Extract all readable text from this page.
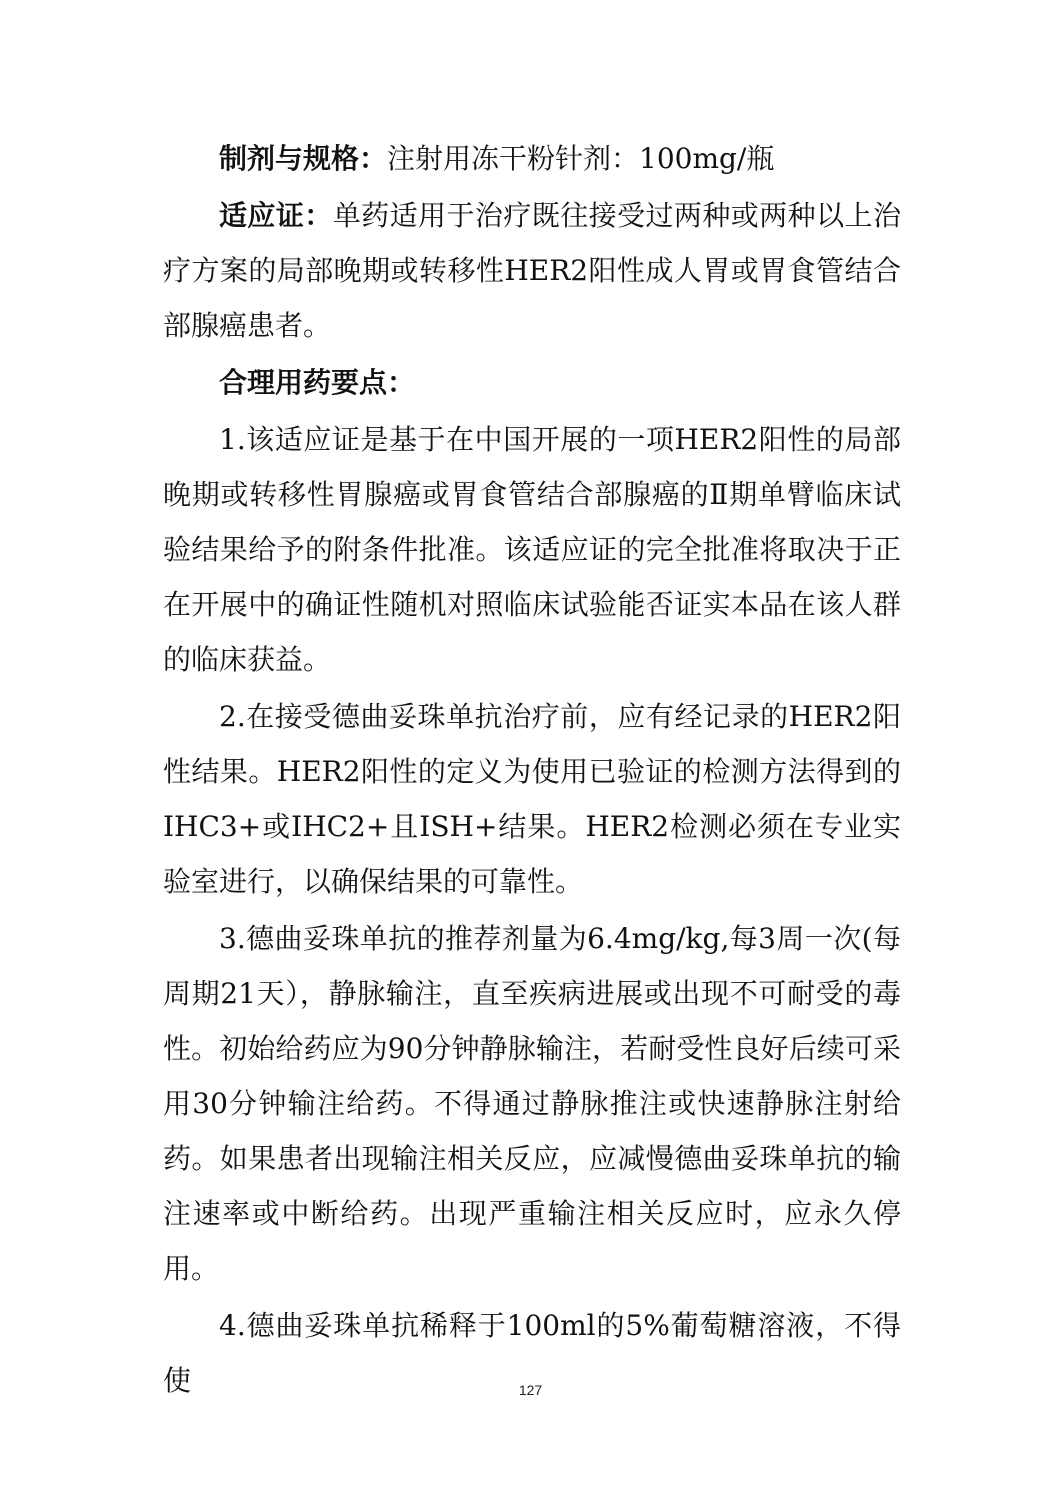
制剂与规格：注射用冻干粉针剂：100mg/瓶

适应证：单药适用于治疗既往接受过两种或两种以上治疗方案的局部晚期或转移性HER2阳性成人胃或胃食管结合部腺癌患者。

合理用药要点：

1.该适应证是基于在中国开展的一项HER2阳性的局部晚期或转移性胃腺癌或胃食管结合部腺癌的Ⅱ期单臂临床试验结果给予的附条件批准。该适应证的完全批准将取决于正在开展中的确证性随机对照临床试验能否证实本品在该人群的临床获益。

2.在接受德曲妥珠单抗治疗前，应有经记录的HER2阳性结果。HER2阳性的定义为使用已验证的检测方法得到的IHC3+或IHC2+且ISH+结果。HER2检测必须在专业实验室进行，以确保结果的可靠性。

3.德曲妥珠单抗的推荐剂量为6.4mg/kg,每3周一次(每周期21天），静脉输注，直至疾病进展或出现不可耐受的毒性。初始给药应为90分钟静脉输注，若耐受性良好后续可采用30分钟输注给药。不得通过静脉推注或快速静脉注射给药。如果患者出现输注相关反应，应减慢德曲妥珠单抗的输注速率或中断给药。出现严重输注相关反应时，应永久停用。

4.德曲妥珠单抗稀释于100ml的5%葡萄糖溶液，不得使	127
